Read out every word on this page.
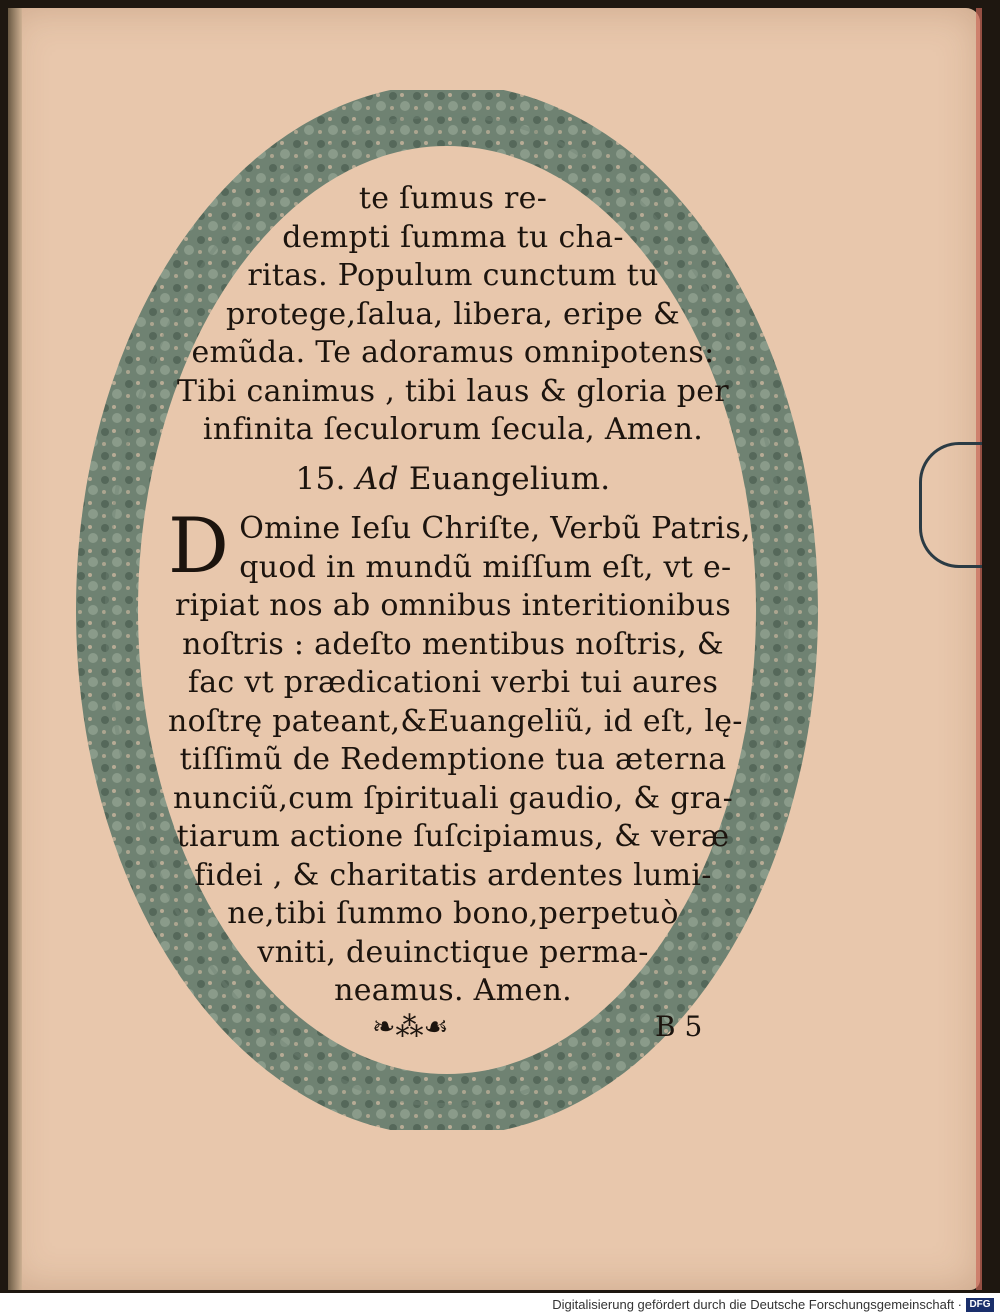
te ſumus re-
dempti ſumma tu cha-
ritas. Populum cunctum tu
protege,ſalua, libera, eripe &
emũda. Te adoramus omnipotens:
Tibi canimus , tibi laus & gloria per
infinita ſeculorum ſecula, Amen.
15. Ad Euangelium.
D Omine Ieſu Chriſte, Verbũ Patris,
quod in mundũ miſſum eſt, vt e-
ripiat nos ab omnibus interitionibus
noſtris : adeſto mentibus noſtris, &
fac vt prædicationi verbi tui aures
noſtrę pateant,&Euangeliũ, id eſt, lę-
tiſſimũ de Redemptione tua æterna
nunciũ,cum ſpirituali gaudio, & gra-
tiarum actione ſuſcipiamus, & veræ
fidei , & charitatis ardentes lumi-
ne,tibi ſummo bono,perpetuò
vniti, deuinctique perma-
neamus. Amen.
❧⁂☙	B 5
Digitalisierung gefördert durch die Deutsche Forschungsgemeinschaft · DFG
